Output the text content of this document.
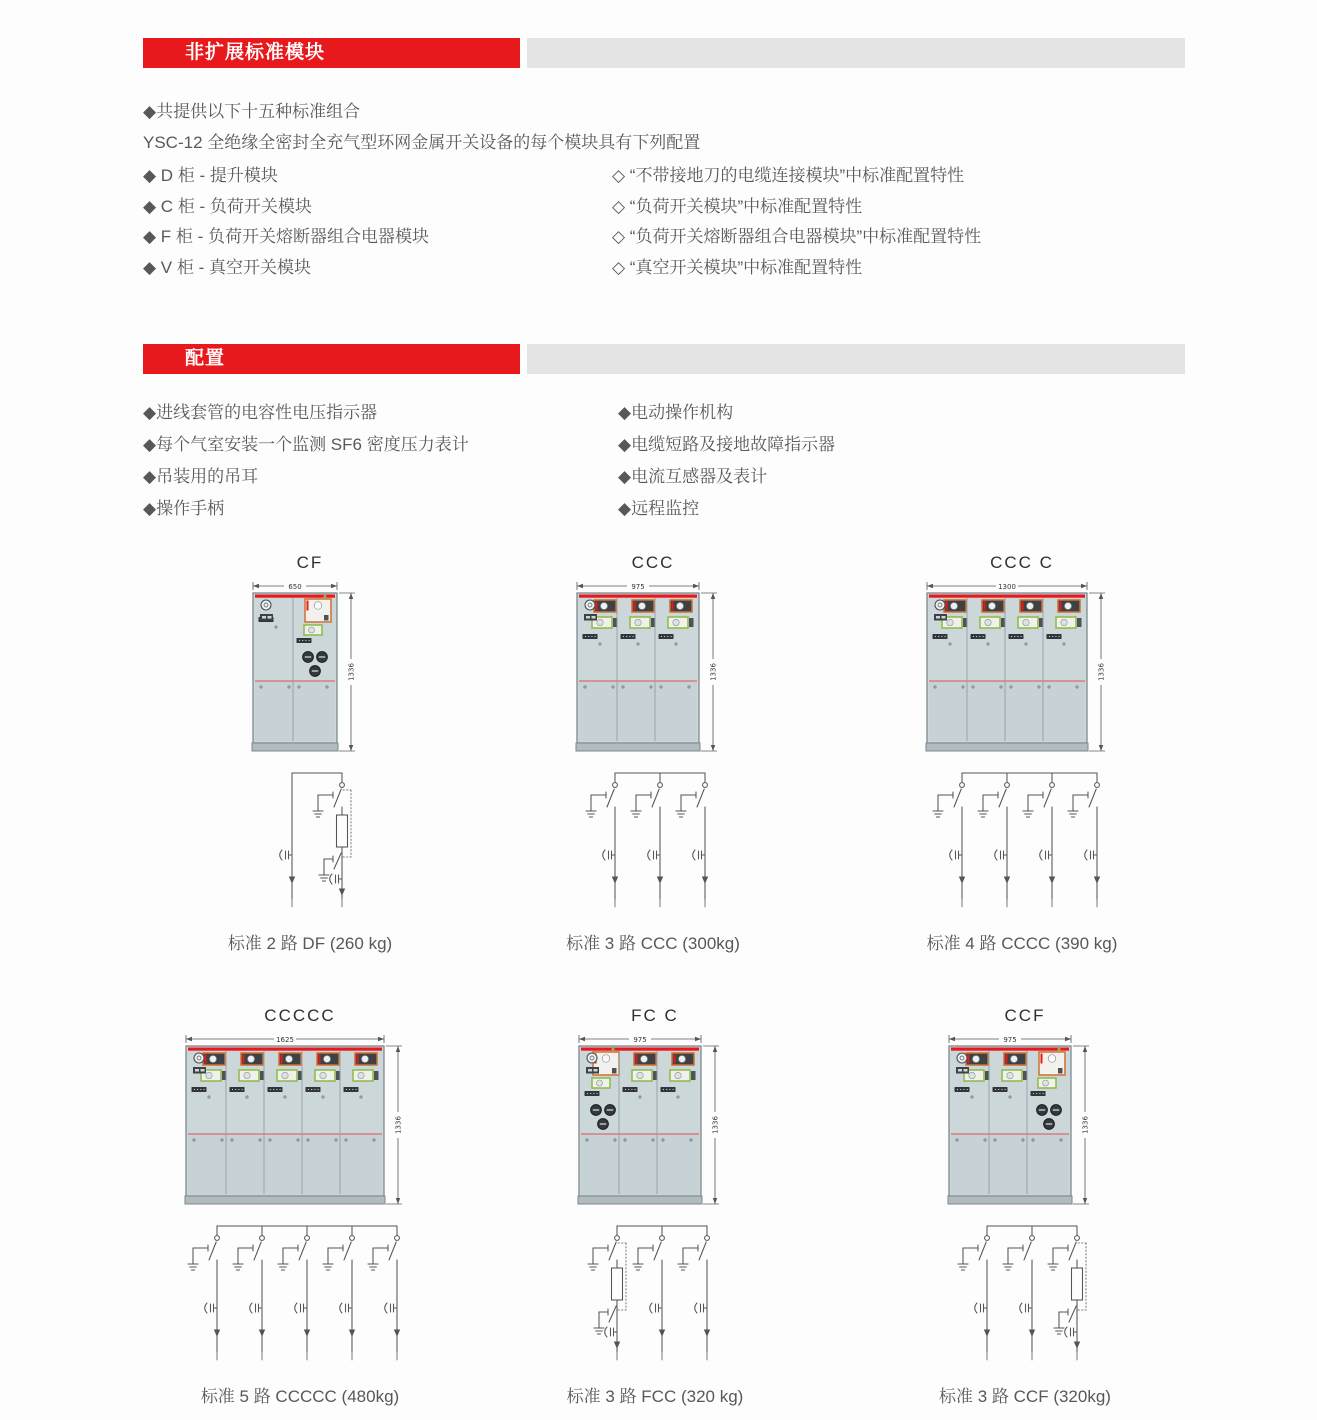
非扩展标准模块
◆共提供以下十五种标准组合
YSC-12 全绝缘全密封全充气型环网金属开关设备的每个模块具有下列配置
◆ D 柜 - 提升模块
◆ C 柜 - 负荷开关模块
◆ F 柜 - 负荷开关熔断器组合电器模块
◆ V 柜 - 真空开关模块
◇ “不带接地刀的电缆连接模块”中标准配置特性
◇ “负荷开关模块”中标准配置特性
◇ “负荷开关熔断器组合电器模块”中标准配置特性
◇ “真空开关模块”中标准配置特性
配置
◆进线套管的电容性电压指示器
◆每个气室安装一个监测 SF6 密度压力表计
◆吊装用的吊耳
◆操作手柄
◆电动操作机构
◆电缆短路及接地故障指示器
◆电流互感器及表计
◆远程监控
CF
650
1336
标准 2 路 DF (260 kg)
CCC
975
1336
标准 3 路 CCC (300kg)
CCC C
1300
1336
标准 4 路 CCCC (390 kg)
CCCCC
1625
1336
标准 5 路 CCCCC (480kg)
FC C
975
1336
标准 3 路 FCC (320 kg)
CCF
975
1336
标准 3 路 CCF (320kg)
